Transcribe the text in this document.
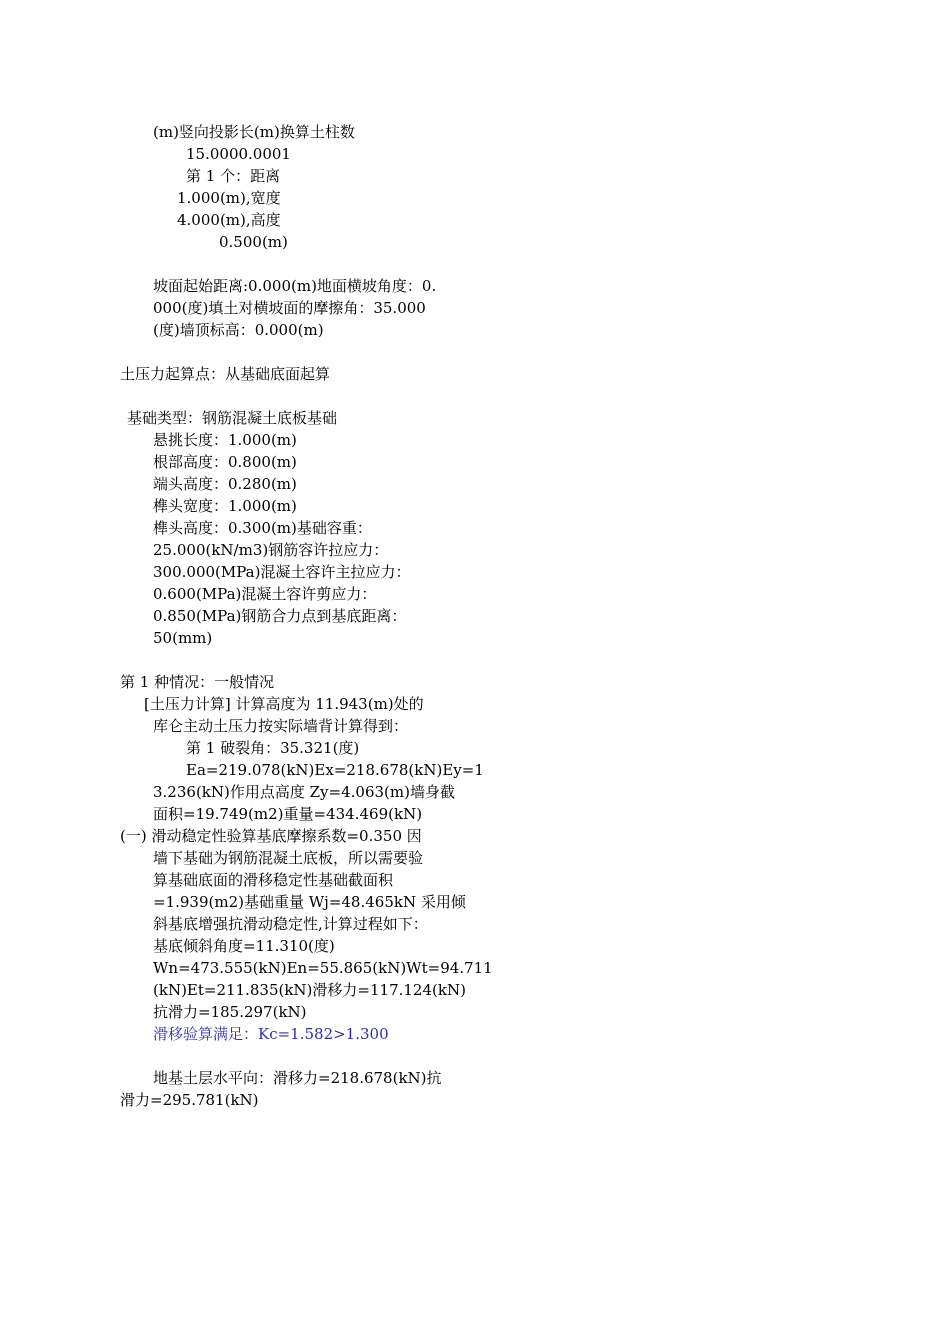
(m)竖向投影长(m)换算土柱数
15.0000.0001
第 1 个：距离
1.000(m),宽度
4.000(m),高度
0.500(m)
坡面起始距离:0.000(m)地面横坡角度：0.
000(度)填土对横坡面的摩擦角：35.000
(度)墙顶标高：0.000(m)
土压力起算点：从基础底面起算
基础类型：钢筋混凝土底板基础
悬挑长度：1.000(m)
根部高度：0.800(m)
端头高度：0.280(m)
榫头宽度：1.000(m)
榫头高度：0.300(m)基础容重：
25.000(kN/m3)钢筋容许拉应力：
300.000(MPa)混凝土容许主拉应力：
0.600(MPa)混凝土容许剪应力：
0.850(MPa)钢筋合力点到基底距离：
50(mm)
第 1 种情况：一般情况
[土压力计算] 计算高度为 11.943(m)处的
库仑主动土压力按实际墙背计算得到：
第 1 破裂角：35.321(度)
Ea=219.078(kN)Ex=218.678(kN)Ey=1
3.236(kN)作用点高度 Zy=4.063(m)墙身截
面积=19.749(m2)重量=434.469(kN)
(一) 滑动稳定性验算基底摩擦系数=0.350 因
墙下基础为钢筋混凝土底板，所以需要验
算基础底面的滑移稳定性基础截面积
=1.939(m2)基础重量 Wj=48.465kN 采用倾
斜基底增强抗滑动稳定性,计算过程如下：
基底倾斜角度=11.310(度)
Wn=473.555(kN)En=55.865(kN)Wt=94.711
(kN)Et=211.835(kN)滑移力=117.124(kN)
抗滑力=185.297(kN)
滑移验算满足：Kc=1.582>1.300
地基土层水平向：滑移力=218.678(kN)抗
滑力=295.781(kN)
